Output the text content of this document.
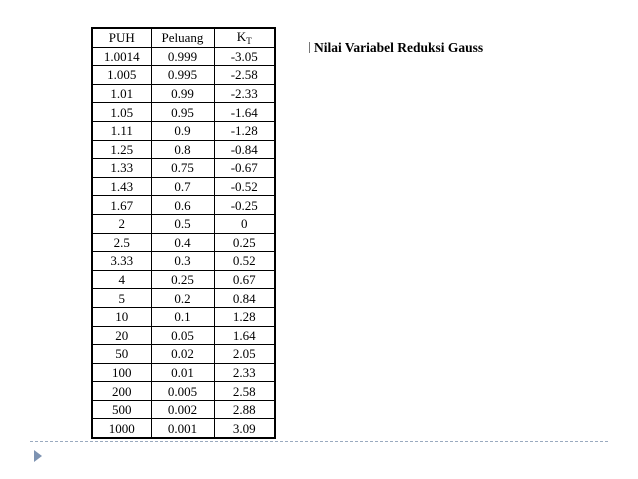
PUH	Peluang	$K_T$
1.0014	0.999	-3.05
1.005	0.995	-2.58
1.01	0.99	-2.33
1.05	0.95	-1.64
1.11	0.9	-1.28
1.25	0.8	-0.84
1.33	0.75	-0.67
1.43	0.7	-0.52
1.67	0.6	-0.25
2	0.5	0
2.5	0.4	0.25
3.33	0.3	0.52
4	0.25	0.67
5	0.2	0.84
10	0.1	1.28
20	0.05	1.64
50	0.02	2.05
100	0.01	2.33
200	0.005	2.58
500	0.002	2.88
1000	0.001	3.09
Nilai Variabel Reduksi Gauss
